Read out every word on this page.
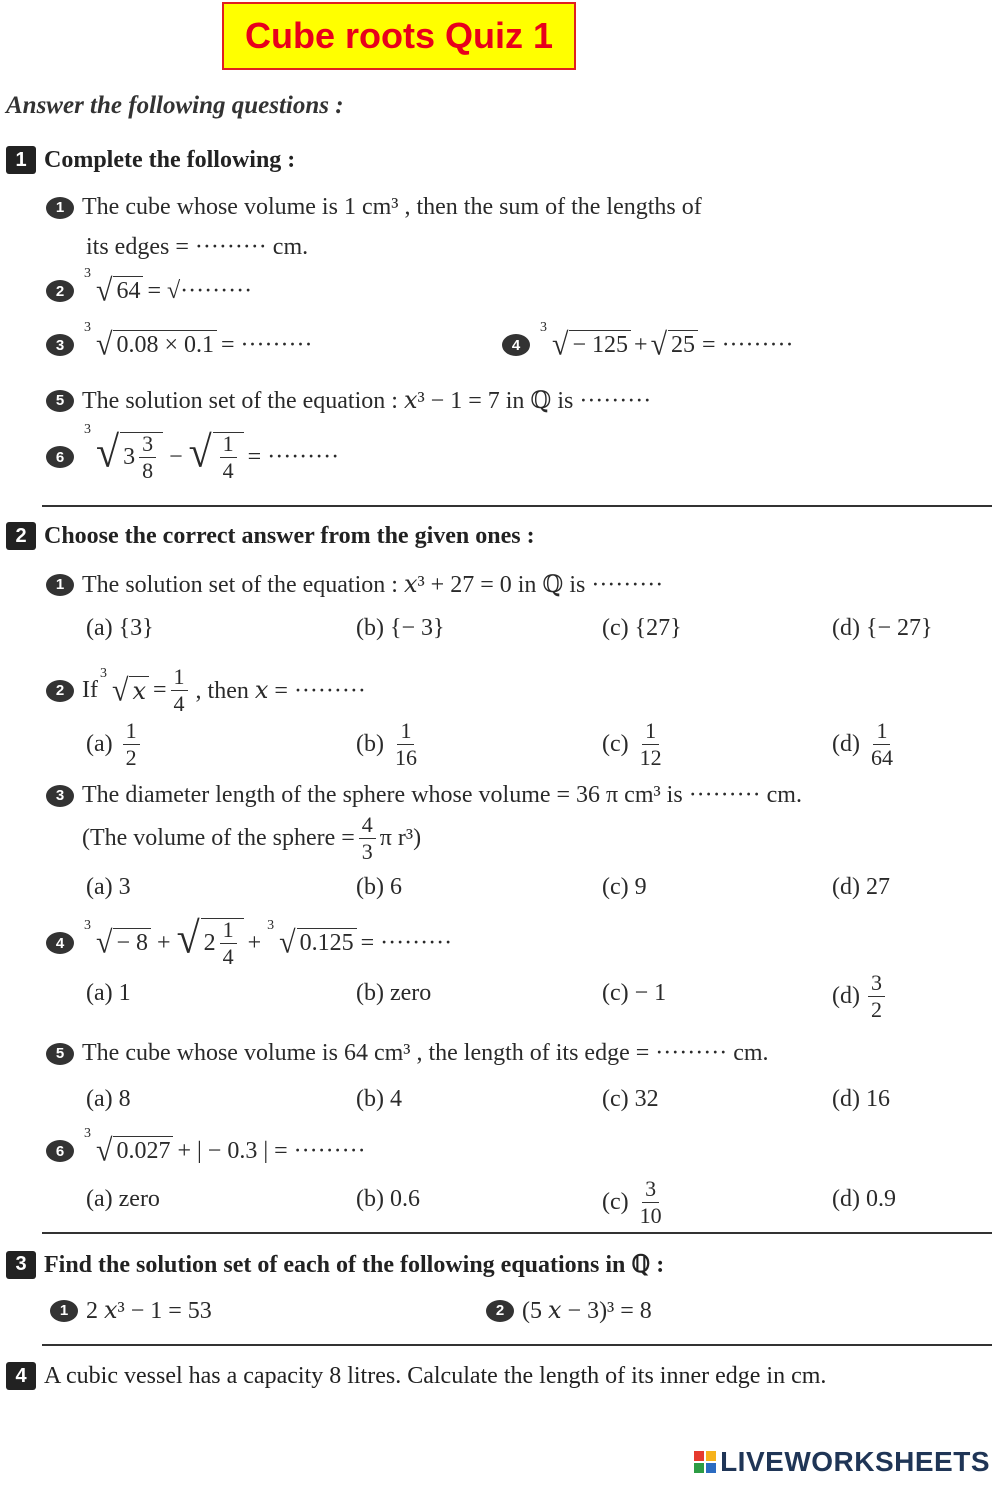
Cube roots Quiz 1
Answer the following questions :
1 Complete the following :
1 The cube whose volume is 1 cm³ , then the sum of the lengths of
its edges = ········· cm.
2
3 √ 64 = √·········
3
3 √ 0.08 × 0.1 = ·········	4
3 √ − 125 + √ 25 = ·········
5 The solution set of the equation : 𝑥³ − 1 = 7 in ℚ is ·········
6
3 √ $3 \frac{3}{8}$ − √ $\frac{1}{4}$ = ·········
2 Choose the correct answer from the given ones :
1 The solution set of the equation : 𝑥³ + 27 = 0 in ℚ is ·········
(a) {3}	(b) {− 3}	(c) {27}	(d) {− 27}
2 If
3 √ 𝑥 = $\frac{1}{4}$ , then 𝑥 = ·········
$(a) \frac{1}{2}$	$(b) \frac{1}{16}$	$(c) \frac{1}{12}$	$(d) \frac{1}{64}$
3 The diameter length of the sphere whose volume = 36 π cm³ is ········· cm.
(The volume of the sphere = $\frac{4}{3}$ π r³)
(a) 3	(b) 6	(c) 9	(d) 27
4
3 √ − 8 + √ $2 \frac{1}{4}$ +
3 √ 0.125 = ·········
(a) 1	(b) zero	(c) − 1	$(d) \frac{3}{2}$
5 The cube whose volume is 64 cm³ , the length of its edge = ········· cm.
(a) 8	(b) 4	(c) 32	(d) 16
6
3 √ 0.027 + | − 0.3 | = ·········
(a) zero	(b) 0.6	$(c) \frac{3}{10}$	(d) 0.9
3 Find the solution set of each of the following equations in ℚ :
1 2 𝑥³ − 1 = 53	2 (5 𝑥 − 3)³ = 8
4 A cubic vessel has a capacity 8 litres. Calculate the length of its inner edge in cm.
LIVEWORKSHEETS
